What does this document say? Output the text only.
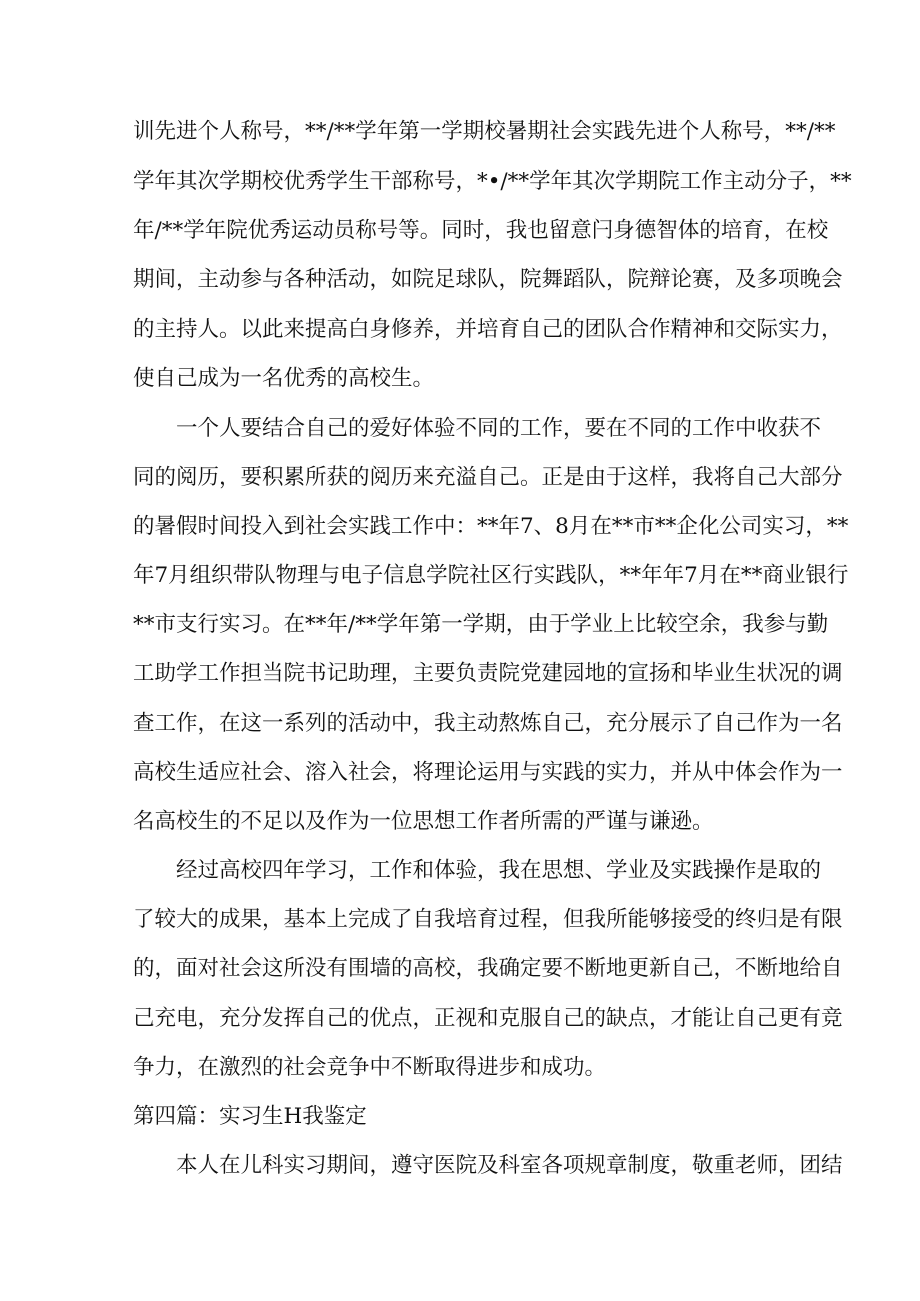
训先进个人称号，**/**学年第一学期校暑期社会实践先进个人称号，**/**
学年其次学期校优秀学生干部称号，*•/**学年其次学期院工作主动分子，**
年/**学年院优秀运动员称号等。同时，我也留意闩身德智体的培育，在校
期间，主动参与各种活动，如院足球队，院舞蹈队，院辩论赛，及多项晚会
的主持人。以此来提高白身修养，并培育自己的团队合作精神和交际实力，
使自己成为一名优秀的高校生。
一个人要结合自己的爱好体验不同的工作，要在不同的工作中收获不
同的阅历，要积累所获的阅历来充溢自己。正是由于这样，我将自己大部分
的暑假时间投入到社会实践工作中：**年7、8月在**市**企化公司实习，**
年7月组织带队物理与电子信息学院社区行实践队，**年年7月在**商业银行
**市支行实习。在**年/**学年第一学期，由于学业上比较空余，我参与勤
工助学工作担当院书记助理，主要负责院党建园地的宣扬和毕业生状况的调
查工作，在这一系列的活动中，我主动熬炼自己，充分展示了自己作为一名
高校生适应社会、溶入社会，将理论运用与实践的实力，并从中体会作为一
名高校生的不足以及作为一位思想工作者所需的严谨与谦逊。
经过高校四年学习，工作和体验，我在思想、学业及实践操作是取的
了较大的成果，基本上完成了自我培育过程，但我所能够接受的终归是有限
的，面对社会这所没有围墙的高校，我确定要不断地更新自己，不断地给自
己充电，充分发挥自己的优点，正视和克服自己的缺点，才能让自己更有竞
争力，在激烈的社会竞争中不断取得进步和成功。
第四篇：实习生H我鉴定
本人在儿科实习期间，遵守医院及科室各项规章制度，敬重老师，团结
